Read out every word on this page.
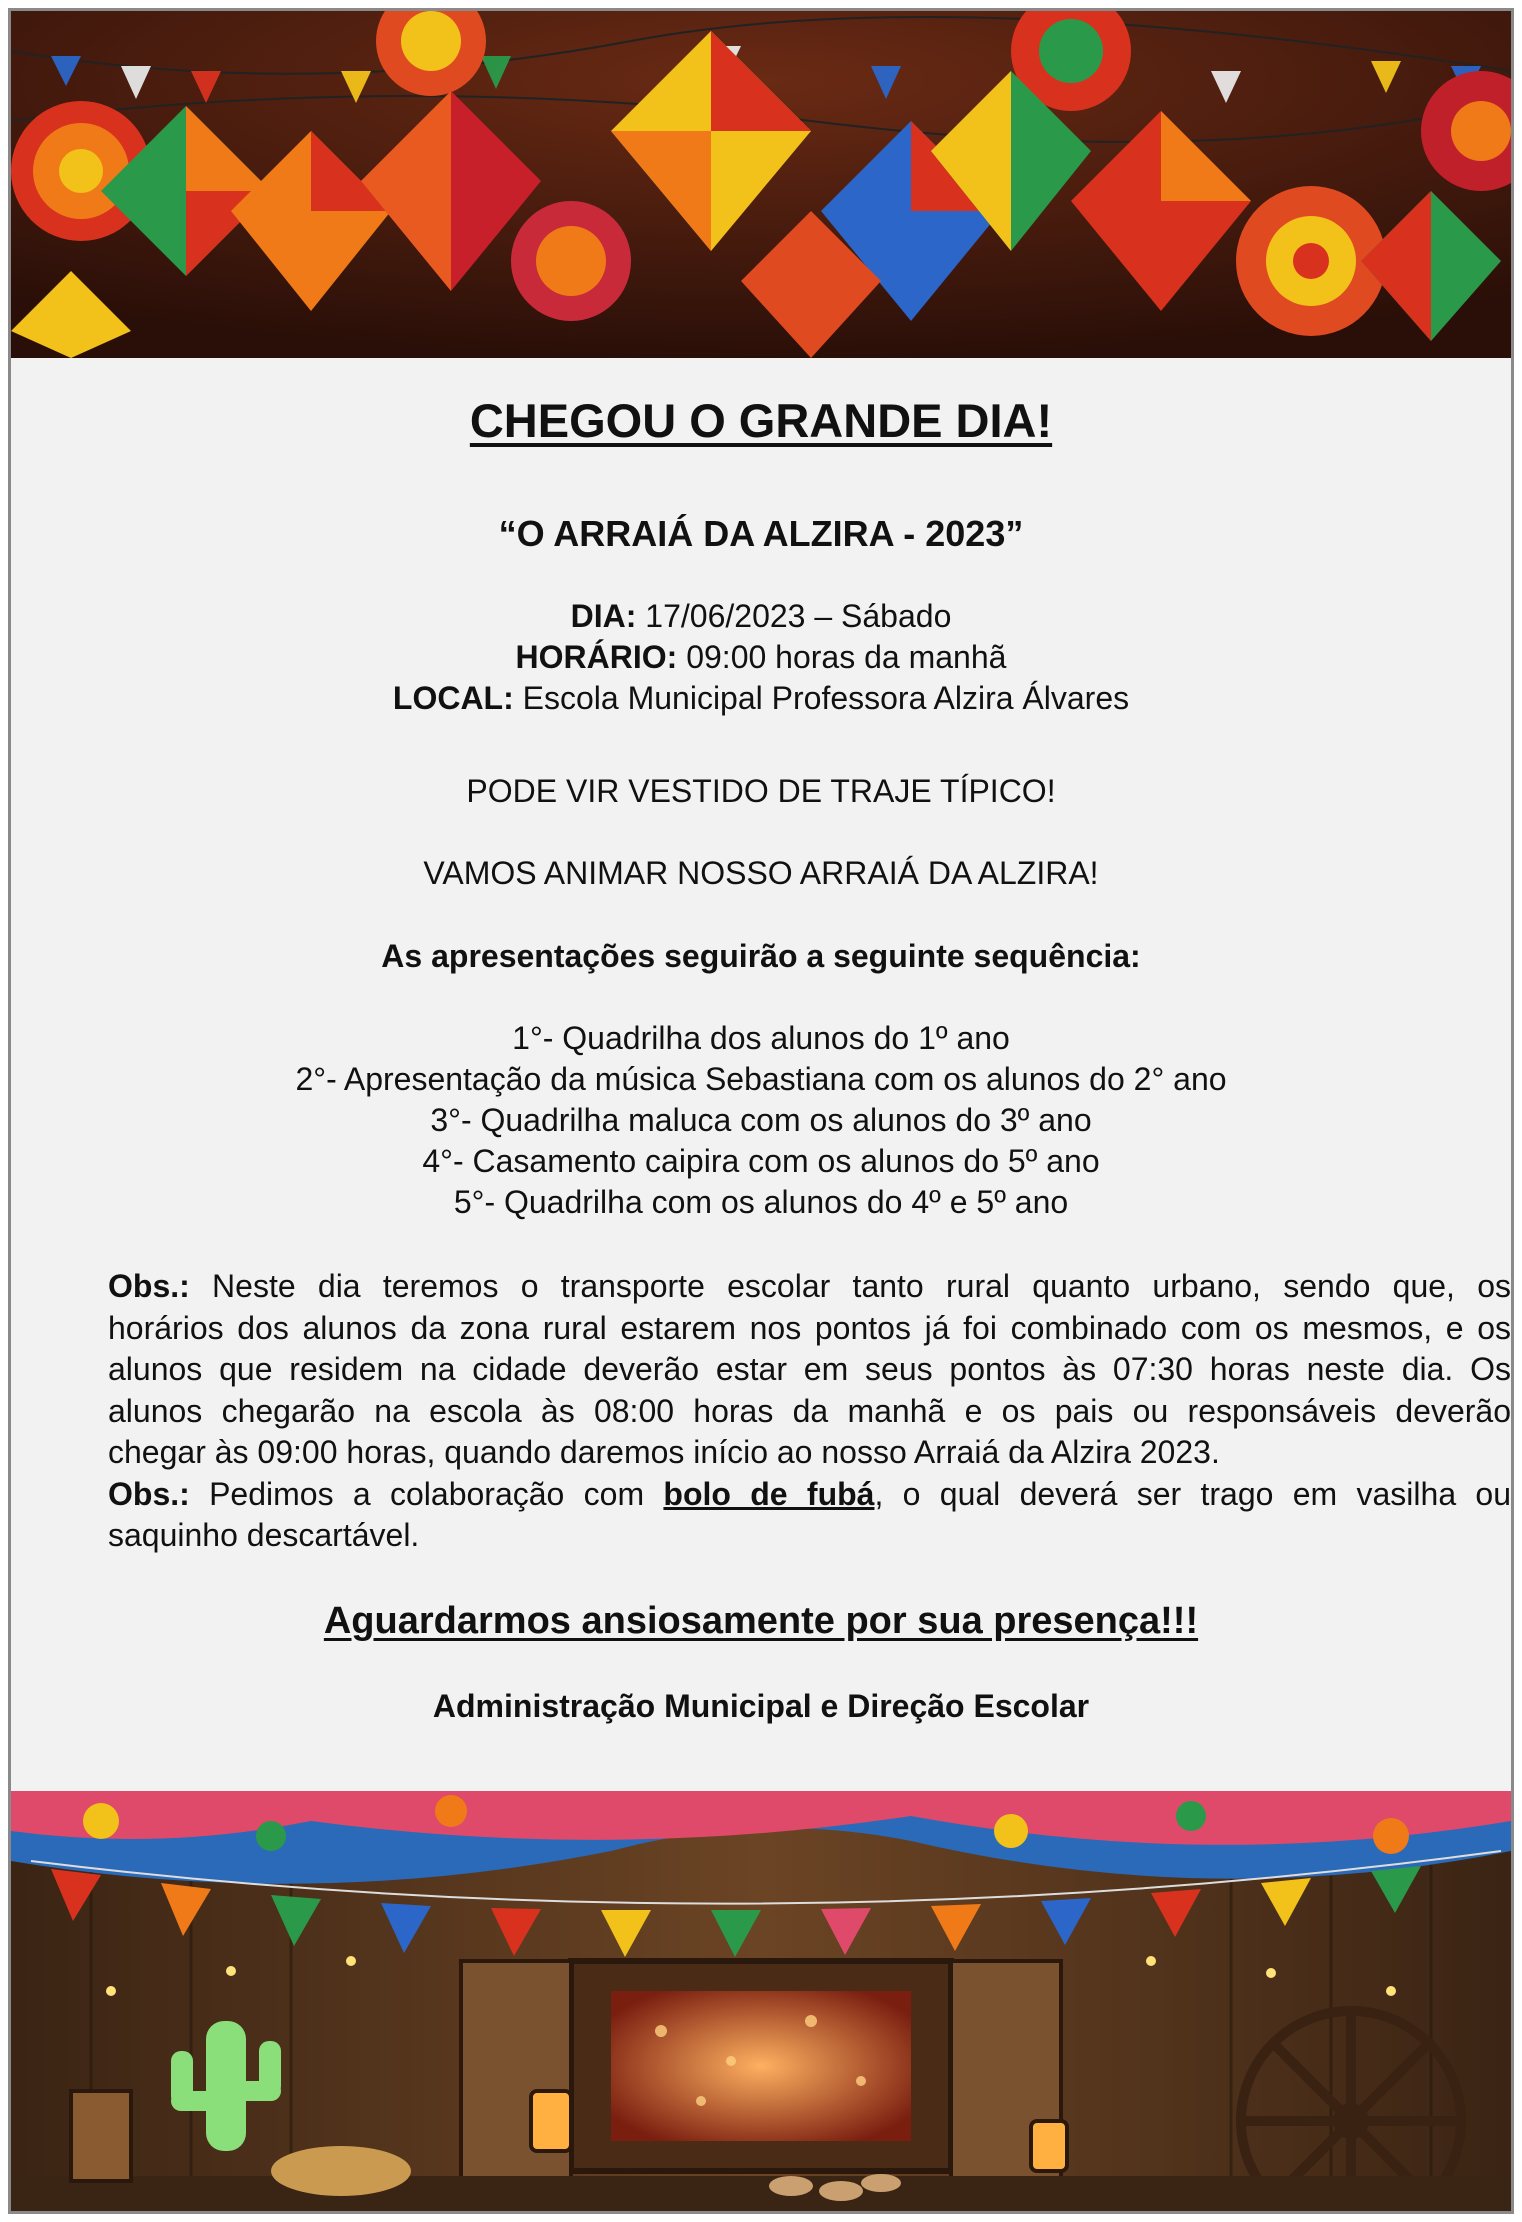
CHEGOU O GRANDE DIA!
“O ARRAIÁ DA ALZIRA - 2023”
DIA: 17/06/2023 – Sábado
HORÁRIO: 09:00 horas da manhã
LOCAL: Escola Municipal Professora Alzira Álvares
PODE VIR VESTIDO DE TRAJE TÍPICO!
VAMOS ANIMAR NOSSO ARRAIÁ DA ALZIRA!
As apresentações seguirão a seguinte sequência:
1°- Quadrilha dos alunos do 1º ano
2°- Apresentação da música Sebastiana com os alunos do 2° ano
3°- Quadrilha maluca com os alunos do 3º ano
4°- Casamento caipira com os alunos do 5º ano
5°- Quadrilha com os alunos do 4º e 5º ano
Obs.: Neste dia teremos o transporte escolar tanto rural quanto urbano, sendo que, os
horários dos alunos da zona rural estarem nos pontos já foi combinado com os mesmos, e os
alunos que residem na cidade deverão estar em seus pontos às 07:30 horas neste dia. Os
alunos chegarão na escola às 08:00 horas da manhã e os pais ou responsáveis deverão
chegar às 09:00 horas, quando daremos início ao nosso Arraiá da Alzira 2023.
Obs.: Pedimos a colaboração com bolo de fubá, o qual deverá ser trago em vasilha ou
saquinho descartável.
Aguardarmos ansiosamente por sua presença!!!
Administração Municipal e Direção Escolar
